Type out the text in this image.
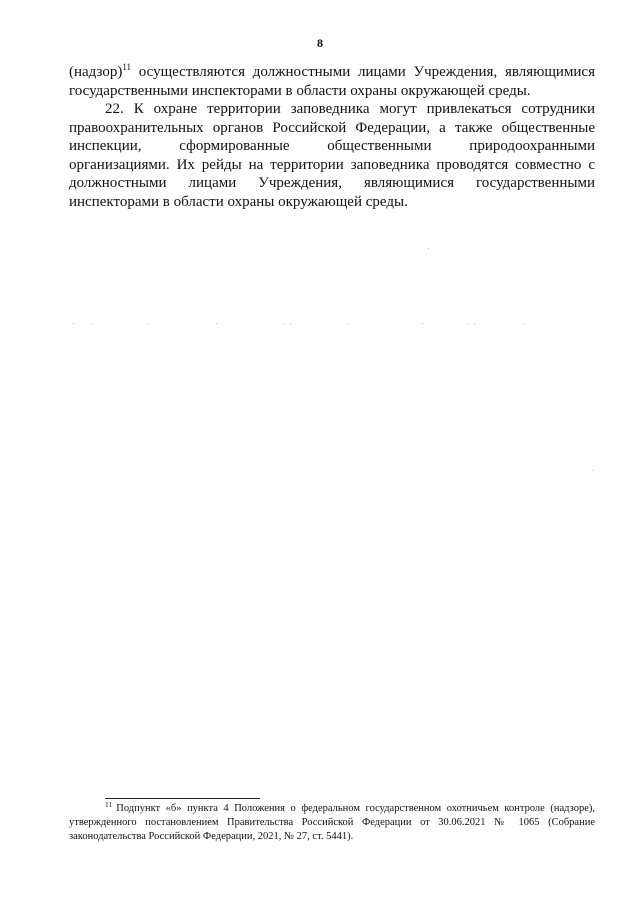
8

(надзор)$^{11}$ осуществляются должностными лицами Учреждения, являющимися государственными инспекторами в области охраны окружающей среды.

22. К охране территории заповедника могут привлекаться сотрудники правоохранительных органов Российской Федерации, а также общественные инспекции, сформированные общественными природоохранными организациями. Их рейды на территории заповедника проводятся совместно с должностными лицами Учреждения, являющимися государственными инспекторами в области охраны окружающей среды.

$^{11}$ Подпункт «б» пункта 4 Положения о федеральном государственном охотничьем контроле (надзоре), утвержденного постановлением Правительства Российской Федерации от 30.06.2021 № 1065 (Собрание законодательства Российской Федерации, 2021, № 27, ст. 5441).
